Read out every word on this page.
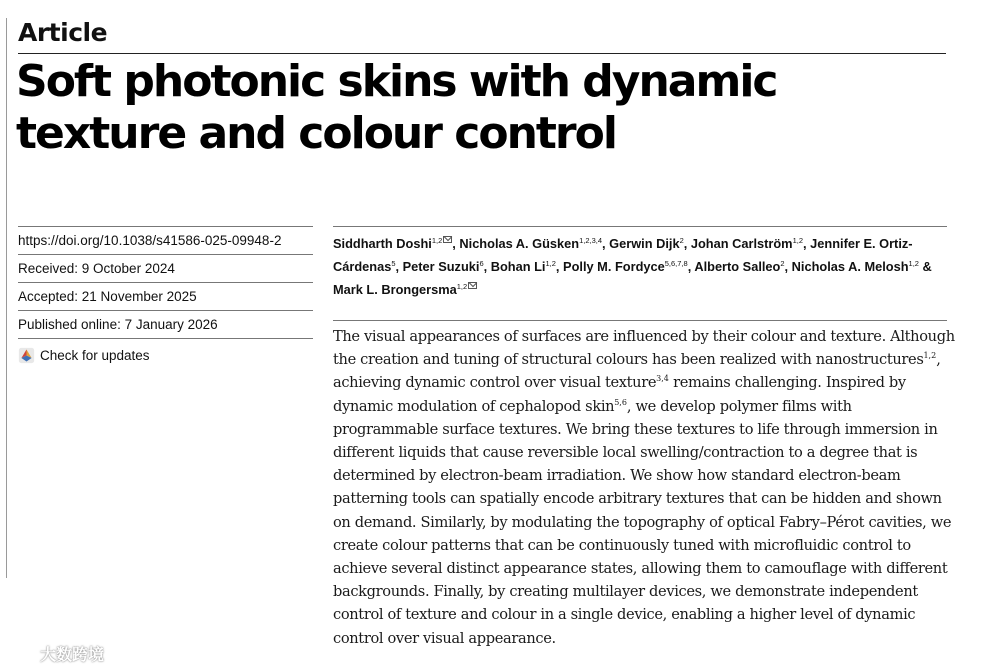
Article
Soft photonic skins with dynamic texture and colour control
https://doi.org/10.1038/s41586-025-09948-2
Received: 9 October 2024
Accepted: 21 November 2025
Published online: 7 January 2026
Check for updates
Siddharth Doshi$^{1,2}$ , Nicholas A. Güsken$^{1,2,3,4}$, Gerwin Dijk$^2$, Johan Carlström$^{1,2}$, Jennifer E. Ortiz-Cárdenas$^5$, Peter Suzuki$^6$, Bohan Li$^{1,2}$, Polly M. Fordyce$^{5,6,7,8}$, Alberto Salleo$^2$, Nicholas A. Melosh$^{1,2}$ & Mark L. Brongersma$^{1,2}$

The visual appearances of surfaces are influenced by their colour and texture. Although the creation and tuning of structural colours has been realized with nanostructures$^{1,2}$, achieving dynamic control over visual texture$^{3,4}$ remains challenging. Inspired by dynamic modulation of cephalopod skin$^{5,6}$, we develop polymer films with programmable surface textures. We bring these textures to life through immersion in different liquids that cause reversible local swelling/contraction to a degree that is determined by electron-beam irradiation. We show how standard electron-beam patterning tools can spatially encode arbitrary textures that can be hidden and shown on demand. Similarly, by modulating the topography of optical Fabry–Pérot cavities, we create colour patterns that can be continuously tuned with microfluidic control to achieve several distinct appearance states, allowing them to camouflage with different backgrounds. Finally, by creating multilayer devices, we demonstrate independent control of texture and colour in a single device, enabling a higher level of dynamic control over visual appearance.

大数跨境
